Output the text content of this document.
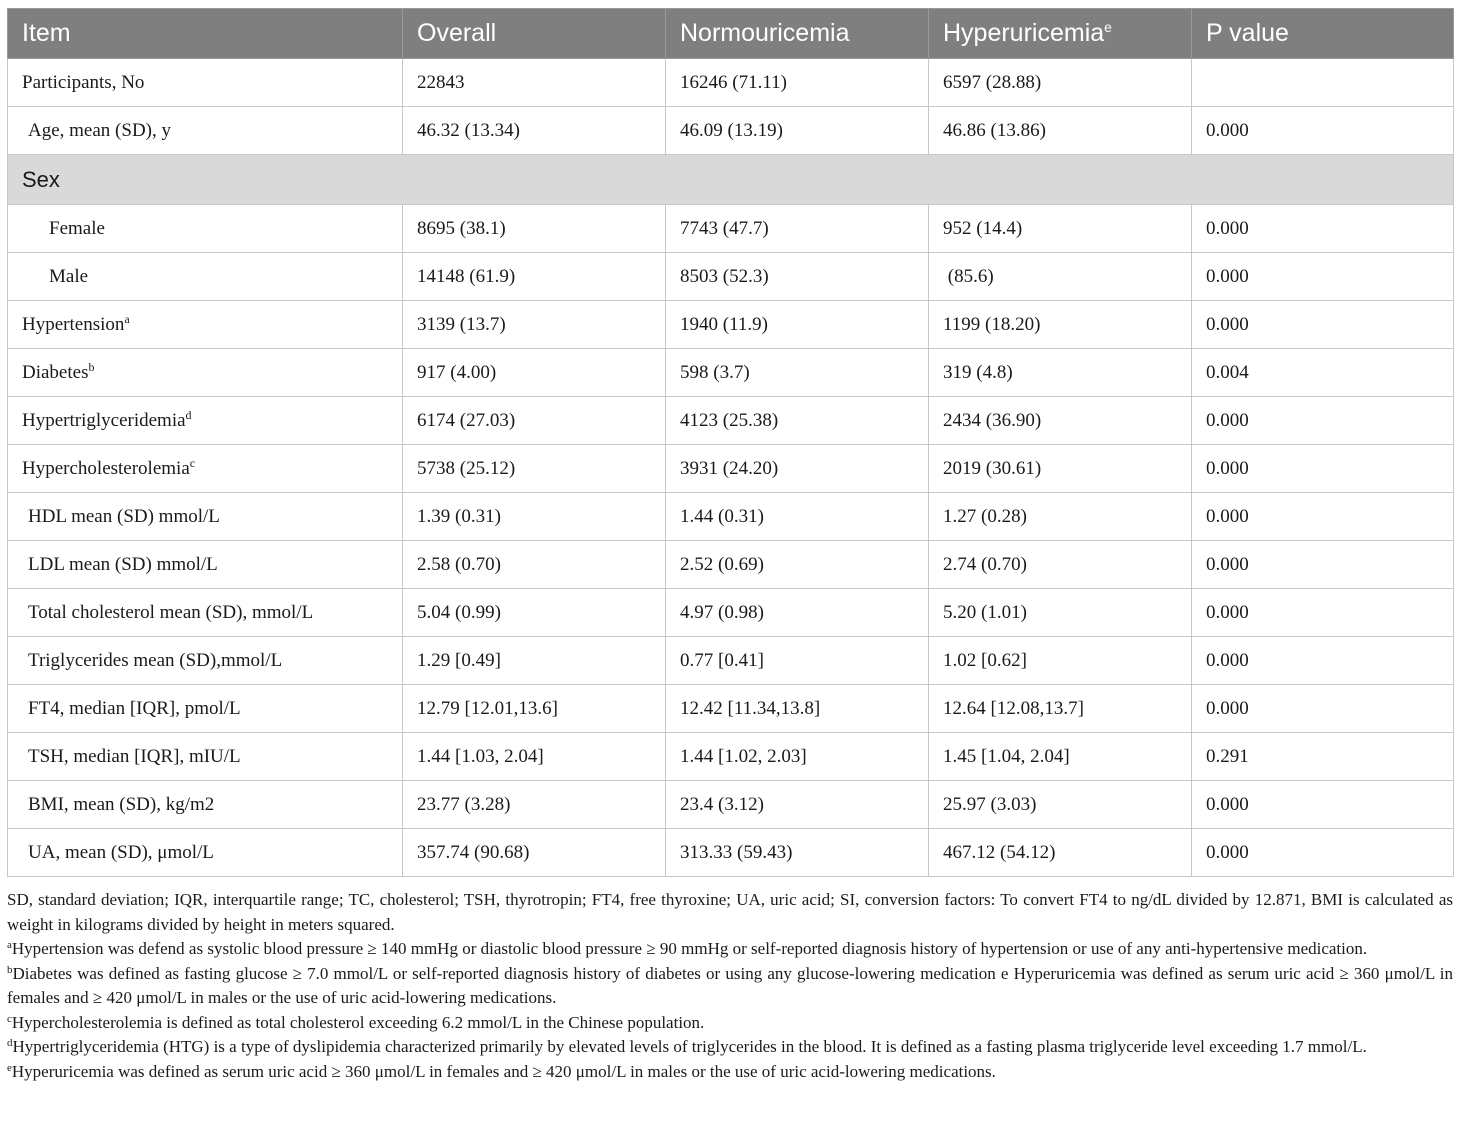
Item	Overall	Normouricemia	Hyperuricemia$^e$	P value
Participants, No	22843	16246 (71.11)	6597 (28.88)	
Age, mean (SD), y	46.32 (13.34)	46.09 (13.19)	46.86 (13.86)	0.000
Sex				
Female	8695 (38.1)	7743 (47.7)	952 (14.4)	0.000
Male	14148 (61.9)	8503 (52.3)	(85.6)	0.000
Hypertension$^a$	3139 (13.7)	1940 (11.9)	1199 (18.20)	0.000
Diabetes$^b$	917 (4.00)	598 (3.7)	319 (4.8)	0.004
Hypertriglyceridemia$^d$	6174 (27.03)	4123 (25.38)	2434 (36.90)	0.000
Hypercholesterolemia$^c$	5738 (25.12)	3931 (24.20)	2019 (30.61)	0.000
HDL mean (SD) mmol/L	1.39 (0.31)	1.44 (0.31)	1.27 (0.28)	0.000
LDL mean (SD) mmol/L	2.58 (0.70)	2.52 (0.69)	2.74 (0.70)	0.000
Total cholesterol mean (SD), mmol/L	5.04 (0.99)	4.97 (0.98)	5.20 (1.01)	0.000
Triglycerides mean (SD),mmol/L	1.29 [0.49]	0.77 [0.41]	1.02 [0.62]	0.000
FT4, median [IQR], pmol/L	12.79 [12.01,13.6]	12.42 [11.34,13.8]	12.64 [12.08,13.7]	0.000
TSH, median [IQR], mIU/L	1.44 [1.03, 2.04]	1.44 [1.02, 2.03]	1.45 [1.04, 2.04]	0.291
BMI, mean (SD), kg/m2	23.77 (3.28)	23.4 (3.12)	25.97 (3.03)	0.000
UA, mean (SD), μmol/L	357.74 (90.68)	313.33 (59.43)	467.12 (54.12)	0.000

SD, standard deviation; IQR, interquartile range; TC, cholesterol; TSH, thyrotropin; FT4, free thyroxine; UA, uric acid; SI, conversion factors: To convert FT4 to ng/dL divided by 12.871, BMI is calculated as weight in kilograms divided by height in meters squared.

$^a$Hypertension was defend as systolic blood pressure ≥ 140 mmHg or diastolic blood pressure ≥ 90 mmHg or self-reported diagnosis history of hypertension or use of any anti-hypertensive medication.

$^b$Diabetes was defined as fasting glucose ≥ 7.0 mmol/L or self-reported diagnosis history of diabetes or using any glucose-lowering medication e Hyperuricemia was defined as serum uric acid ≥ 360 μmol/L in females and ≥ 420 μmol/L in males or the use of uric acid-lowering medications.

$^c$Hypercholesterolemia is defined as total cholesterol exceeding 6.2 mmol/L in the Chinese population.

$^d$Hypertriglyceridemia (HTG) is a type of dyslipidemia characterized primarily by elevated levels of triglycerides in the blood. It is defined as a fasting plasma triglyceride level exceeding 1.7 mmol/L.

$^e$Hyperuricemia was defined as serum uric acid ≥ 360 μmol/L in females and ≥ 420 μmol/L in males or the use of uric acid-lowering medications.
